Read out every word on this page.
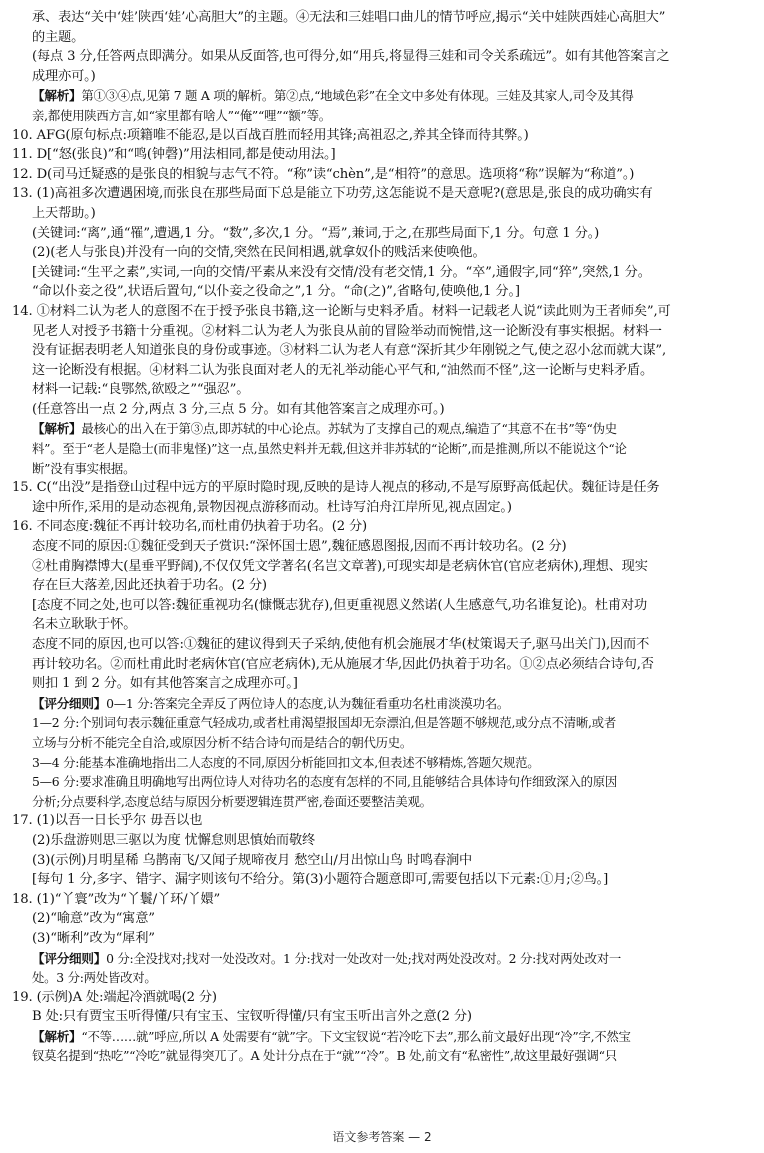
承、表达“关中‘娃’陕西‘娃’心高胆大”的主题。④无法和三娃唱口曲儿的情节呼应,揭示“关中娃陕西娃心高胆大”
的主题。
(每点 3 分,任答两点即满分。如果从反面答,也可得分,如“用兵,将显得三娃和司令关系疏远”。如有其他答案言之
成理亦可。)
【解析】第①③④点,见第 7 题 A 项的解析。第②点,“地域色彩”在全文中多处有体现。三娃及其家人,司令及其得
亲,都使用陕西方言,如“家里都有啥人”“俺”“哩”“额”等。
10. AFG(原句标点:项籍唯不能忍,是以百战百胜而轻用其锋;高祖忍之,养其全锋而待其弊。)
11. D[“怒(张良)”和“鸣(钟磬)”用法相同,都是使动用法。]
12. D(司马迁疑惑的是张良的相貌与志气不符。“称”读“chèn”,是“相符”的意思。选项将“称”误解为“称道”。)
13. (1)高祖多次遭遇困境,而张良在那些局面下总是能立下功劳,这怎能说不是天意呢?(意思是,张良的成功确实有
上天帮助。)
(关键词:“离”,通“罹”,遭遇,1 分。“数”,多次,1 分。“焉”,兼词,于之,在那些局面下,1 分。句意 1 分。)
(2)(老人与张良)并没有一向的交情,突然在民间相遇,就拿奴仆的贱活来使唤他。
[关键词:“生平之素”,实词,一向的交情/平素从来没有交情/没有老交情,1 分。“卒”,通假字,同“猝”,突然,1 分。
“命以仆妾之役”,状语后置句,“以仆妾之役命之”,1 分。“命(之)”,省略句,使唤他,1 分。]
14. ①材料二认为老人的意图不在于授予张良书籍,这一论断与史料矛盾。材料一记载老人说“读此则为王者师矣”,可
见老人对授予书籍十分重视。②材料二认为老人为张良从前的冒险举动而惋惜,这一论断没有事实根据。材料一
没有证据表明老人知道张良的身份或事迹。③材料二认为老人有意“深折其少年刚锐之气,使之忍小忿而就大谋”,
这一论断没有根据。④材料二认为张良面对老人的无礼举动能心平气和,“油然而不怪”,这一论断与史料矛盾。
材料一记载:“良鄂然,欲殴之”“强忍”。
(任意答出一点 2 分,两点 3 分,三点 5 分。如有其他答案言之成理亦可。)
【解析】最核心的出入在于第③点,即苏轼的中心论点。苏轼为了支撑自己的观点,编造了“其意不在书”等“伪史
料”。至于“老人是隐士(而非鬼怪)”这一点,虽然史料并无载,但这并非苏轼的“论断”,而是推测,所以不能说这个“论
断”没有事实根据。
15. C(“出没”是指登山过程中远方的平原时隐时现,反映的是诗人视点的移动,不是写原野高低起伏。魏征诗是任务
途中所作,采用的是动态视角,景物因视点游移而动。杜诗写泊舟江岸所见,视点固定。)
16. 不同态度:魏征不再计较功名,而杜甫仍执着于功名。(2 分)
态度不同的原因:①魏征受到天子赏识:“深怀国士恩”,魏征感恩图报,因而不再计较功名。(2 分)
②杜甫胸襟博大(星垂平野阔),不仅仅凭文学著名(名岂文章著),可现实却是老病休官(官应老病休),理想、现实
存在巨大落差,因此还执着于功名。(2 分)
[态度不同之处,也可以答:魏征重视功名(慷慨志犹存),但更重视恩义然诺(人生感意气,功名谁复论)。杜甫对功
名未立耿耿于怀。
态度不同的原因,也可以答:①魏征的建议得到天子采纳,使他有机会施展才华(杖策谒天子,驱马出关门),因而不
再计较功名。②而杜甫此时老病休官(官应老病休),无从施展才华,因此仍执着于功名。①②点必须结合诗句,否
则扣 1 到 2 分。如有其他答案言之成理亦可。]
【评分细则】0—1 分:答案完全弄反了两位诗人的态度,认为魏征看重功名杜甫淡漠功名。
1—2 分:个别词句表示魏征重意气轻成功,或者杜甫渴望报国却无奈漂泊,但是答题不够规范,或分点不清晰,或者
立场与分析不能完全自洽,或原因分析不结合诗句而是结合的朝代历史。
3—4 分:能基本准确地指出二人态度的不同,原因分析能回扣文本,但表述不够精炼,答题欠规范。
5—6 分:要求准确且明确地写出两位诗人对待功名的态度有怎样的不同,且能够结合具体诗句作细致深入的原因
分析;分点要科学,态度总结与原因分析要逻辑连贯严密,卷面还要整洁美观。
17. (1)以吾一日长乎尔 毋吾以也
(2)乐盘游则思三驱以为度 忧懈怠则思慎始而敬终
(3)(示例)月明星稀 乌鹊南飞/又闻子规啼夜月 愁空山/月出惊山鸟 时鸣春涧中
[每句 1 分,多字、错字、漏字则该句不给分。第(3)小题符合题意即可,需要包括以下元素:①月;②鸟。]
18. (1)“丫寰”改为“丫鬟/丫环/丫嬛”
(2)“喻意”改为“寓意”
(3)“晰利”改为“犀利”
【评分细则】0 分:全没找对;找对一处没改对。1 分:找对一处改对一处;找对两处没改对。2 分:找对两处改对一
处。3 分:两处皆改对。
19. (示例)A 处:端起冷酒就喝(2 分)
B 处:只有贾宝玉听得懂/只有宝玉、宝钗听得懂/只有宝玉听出言外之意(2 分)
【解析】“不等……就”呼应,所以 A 处需要有“就”字。下文宝钗说“若冷吃下去”,那么前文最好出现“冷”字,不然宝
钗莫名提到“热吃”“冷吃”就显得突兀了。A 处计分点在于“就”“冷”。B 处,前文有“私密性”,故这里最好强调“只
语文参考答案 — 2
